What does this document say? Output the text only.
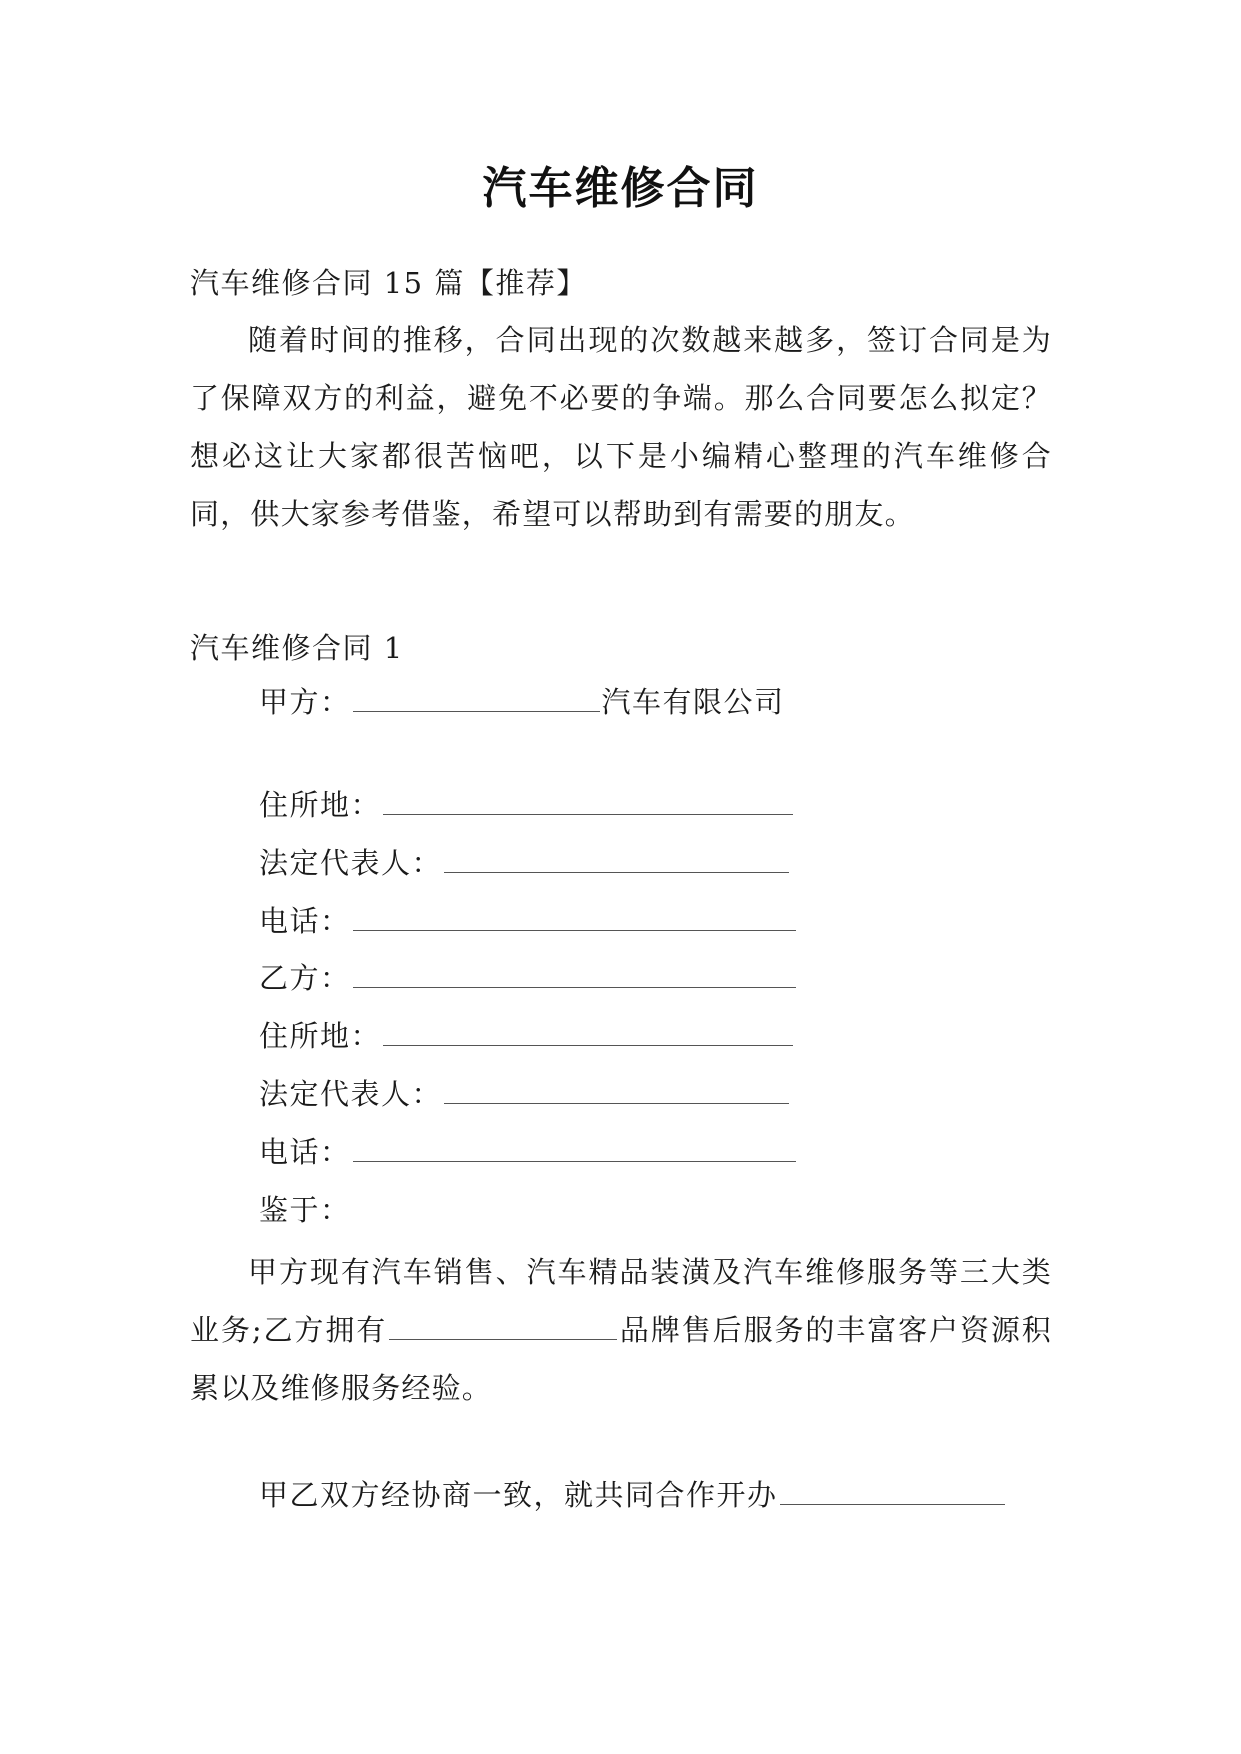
汽车维修合同
汽车维修合同 15 篇【推荐】
随着时间的推移，合同出现的次数越来越多，签订合同是为了保障双方的利益，避免不必要的争端。那么合同要怎么拟定？想必这让大家都很苦恼吧，以下是小编精心整理的汽车维修合同，供大家参考借鉴，希望可以帮助到有需要的朋友。
汽车维修合同 1
甲方：	汽车有限公司
住所地：
法定代表人：
电话：
乙方：
住所地：
法定代表人：
电话：
鉴于：
甲方现有汽车销售、汽车精品装潢及汽车维修服务等三大类业务;乙方拥有	品牌售后服务的丰富客户资源积累以及维修服务经验。
甲乙双方经协商一致，就共同合作开办
